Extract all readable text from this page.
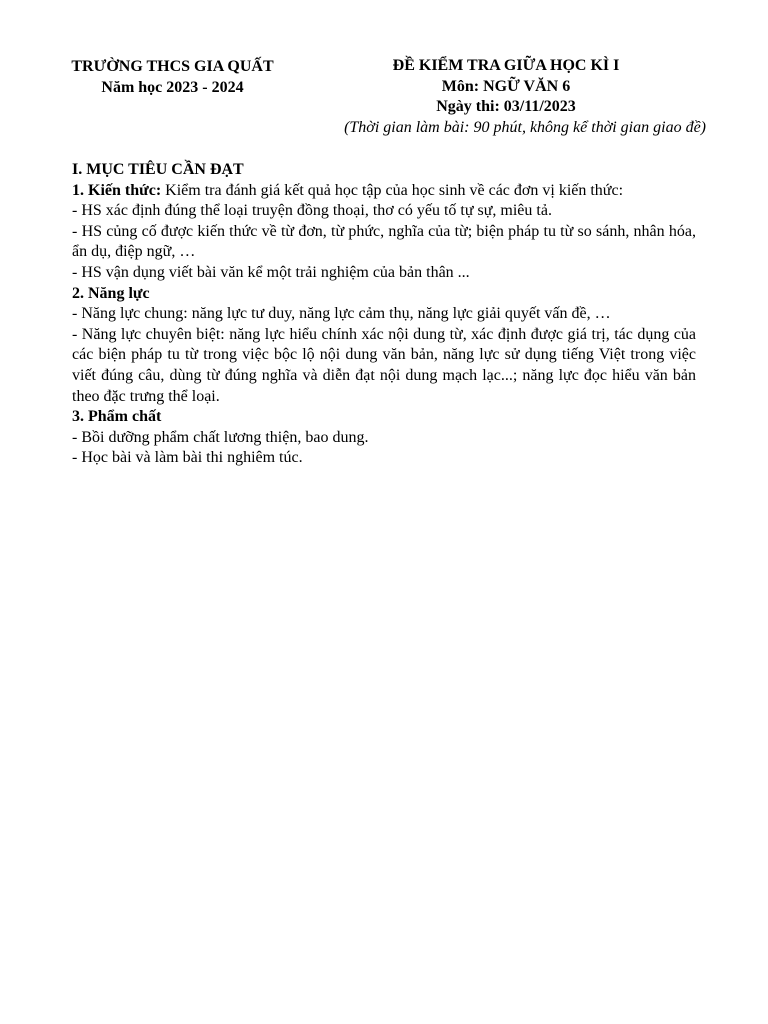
TRƯỜNG THCS GIA QUẤT
Năm học 2023 - 2024
ĐỀ KIỂM TRA GIỮA HỌC KÌ I
Môn: NGỮ VĂN 6
Ngày thi: 03/11/2023
(Thời gian làm bài: 90 phút, không kể thời gian giao đề)

I. MỤC TIÊU CẦN ĐẠT

1. Kiến thức: Kiểm tra đánh giá kết quả học tập của học sinh về các đơn vị kiến thức:

- HS xác định đúng thể loại truyện đồng thoại, thơ có yếu tố tự sự, miêu tả.

- HS củng cố được kiến thức về từ đơn, từ phức, nghĩa của từ; biện pháp tu từ so sánh, nhân hóa, ẩn dụ, điệp ngữ, …

- HS vận dụng viết bài văn kể một trải nghiệm của bản thân ...

2. Năng lực

- Năng lực chung: năng lực tư duy, năng lực cảm thụ, năng lực giải quyết vấn đề, …

- Năng lực chuyên biệt: năng lực hiểu chính xác nội dung từ, xác định được giá trị, tác dụng của các biện pháp tu từ trong việc bộc lộ nội dung văn bản, năng lực sử dụng tiếng Việt trong việc viết đúng câu, dùng từ đúng nghĩa và diễn đạt nội dung mạch lạc...; năng lực đọc hiểu văn bản theo đặc trưng thể loại.

3. Phẩm chất

- Bồi dưỡng phẩm chất lương thiện, bao dung.

- Học bài và làm bài thi nghiêm túc.
